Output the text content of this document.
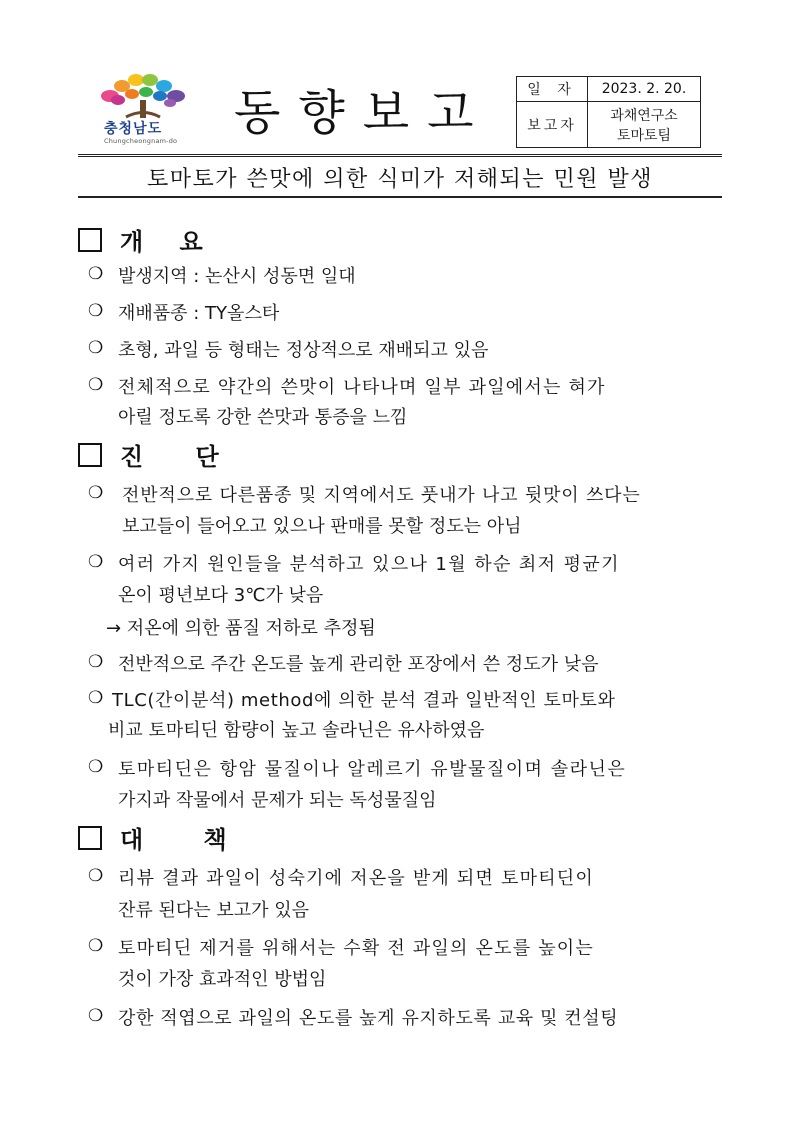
충청남도
Chungcheongnam-do 동향보고	일 자	2023. 2. 20.
보고자	과채연구소
토마토팀
토마토가 쓴맛에 의한 식미가 저해되는 민원 발생
개 요
❍ 발생지역 : 논산시 성동면 일대
❍ 재배품종 : TY올스타
❍ 초형, 과일 등 형태는 정상적으로 재배되고 있음
❍ 전체적으로 약간의 쓴맛이 나타나며 일부 과일에서는 혀가
아릴 정도록 강한 쓴맛과 통증을 느낌
진 단
❍ 전반적으로 다른품종 및 지역에서도 풋내가 나고 뒷맛이 쓰다는
보고들이 들어오고 있으나 판매를 못할 정도는 아님
❍ 여러 가지 원인들을 분석하고 있으나 1월 하순 최저 평균기
온이 평년보다 3℃가 낮음
→ 저온에 의한 품질 저하로 추정됨
❍ 전반적으로 주간 온도를 높게 관리한 포장에서 쓴 정도가 낮음
❍ TLC(간이분석) method에 의한 분석 결과 일반적인 토마토와
비교 토마티딘 함량이 높고 솔라닌은 유사하였음
❍ 토마티딘은 항암 물질이나 알레르기 유발물질이며 솔라닌은
가지과 작물에서 문제가 되는 독성물질임
대 책
❍ 리뷰 결과 과일이 성숙기에 저온을 받게 되면 토마티딘이
잔류 된다는 보고가 있음
❍ 토마티딘 제거를 위해서는 수확 전 과일의 온도를 높이는
것이 가장 효과적인 방법임
❍ 강한 적엽으로 과일의 온도를 높게 유지하도록 교육 및 컨설팅
